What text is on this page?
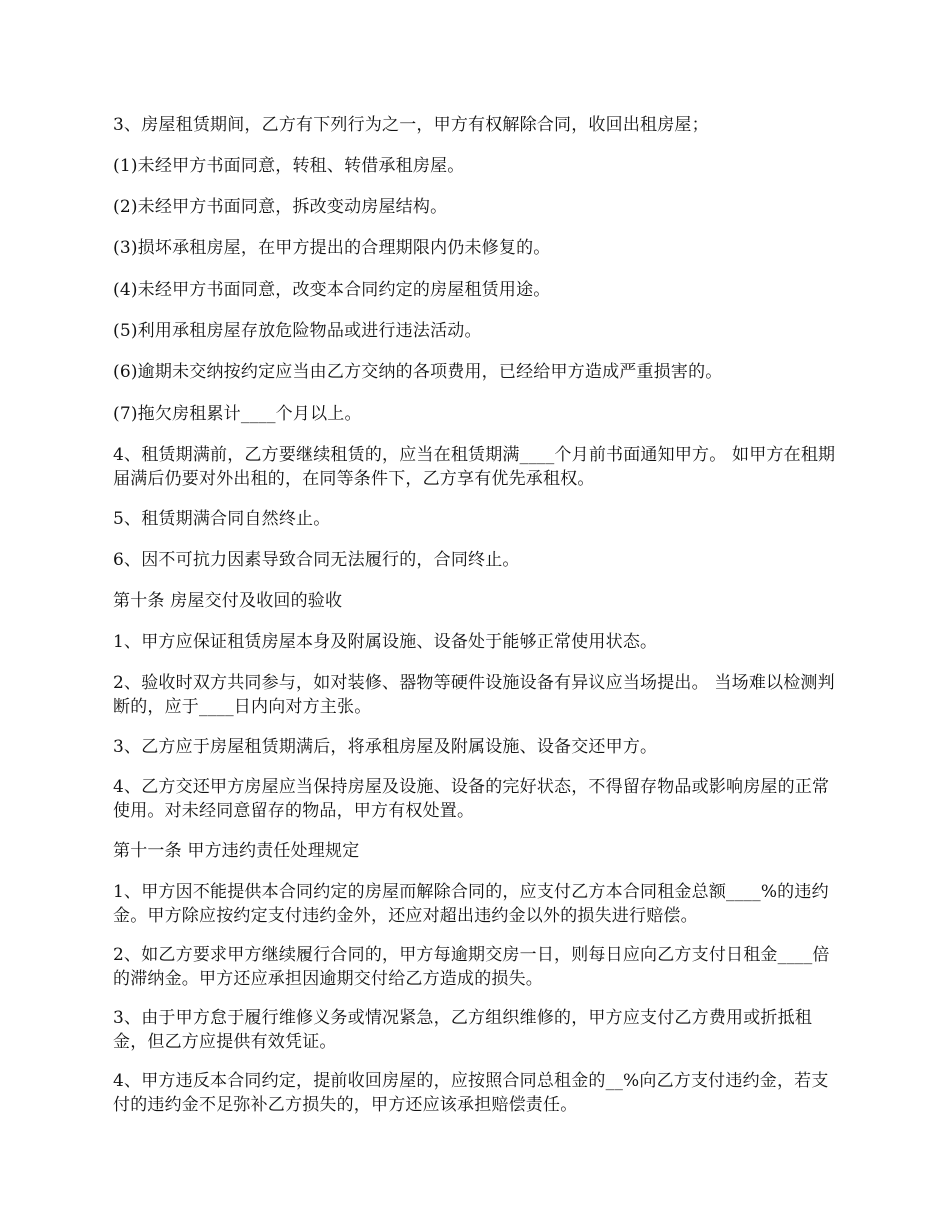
3、房屋租赁期间，乙方有下列行为之一，甲方有权解除合同，收回出租房屋；

(1)未经甲方书面同意，转租、转借承租房屋。

(2)未经甲方书面同意，拆改变动房屋结构。

(3)损坏承租房屋，在甲方提出的合理期限内仍未修复的。

(4)未经甲方书面同意，改变本合同约定的房屋租赁用途。

(5)利用承租房屋存放危险物品或进行违法活动。

(6)逾期未交纳按约定应当由乙方交纳的各项费用，已经给甲方造成严重损害的。

(7)拖欠房租累计____个月以上。

4、租赁期满前，乙方要继续租赁的，应当在租赁期满____个月前书面通知甲方。 如甲方在租期届满后仍要对外出租的，在同等条件下，乙方享有优先承租权。

5、租赁期满合同自然终止。

6、因不可抗力因素导致合同无法履行的，合同终止。

第十条 房屋交付及收回的验收

1、甲方应保证租赁房屋本身及附属设施、设备处于能够正常使用状态。

2、验收时双方共同参与，如对装修、器物等硬件设施设备有异议应当场提出。 当场难以检测判断的，应于____日内向对方主张。

3、乙方应于房屋租赁期满后，将承租房屋及附属设施、设备交还甲方。

4、乙方交还甲方房屋应当保持房屋及设施、设备的完好状态，不得留存物品或影响房屋的正常使用。对未经同意留存的物品，甲方有权处置。

第十一条 甲方违约责任处理规定

1、甲方因不能提供本合同约定的房屋而解除合同的，应支付乙方本合同租金总额____%的违约金。甲方除应按约定支付违约金外，还应对超出违约金以外的损失进行赔偿。

2、如乙方要求甲方继续履行合同的，甲方每逾期交房一日，则每日应向乙方支付日租金____倍的滞纳金。甲方还应承担因逾期交付给乙方造成的损失。

3、由于甲方怠于履行维修义务或情况紧急，乙方组织维修的，甲方应支付乙方费用或折抵租金，但乙方应提供有效凭证。

4、甲方违反本合同约定，提前收回房屋的，应按照合同总租金的__%向乙方支付违约金，若支付的违约金不足弥补乙方损失的，甲方还应该承担赔偿责任。
